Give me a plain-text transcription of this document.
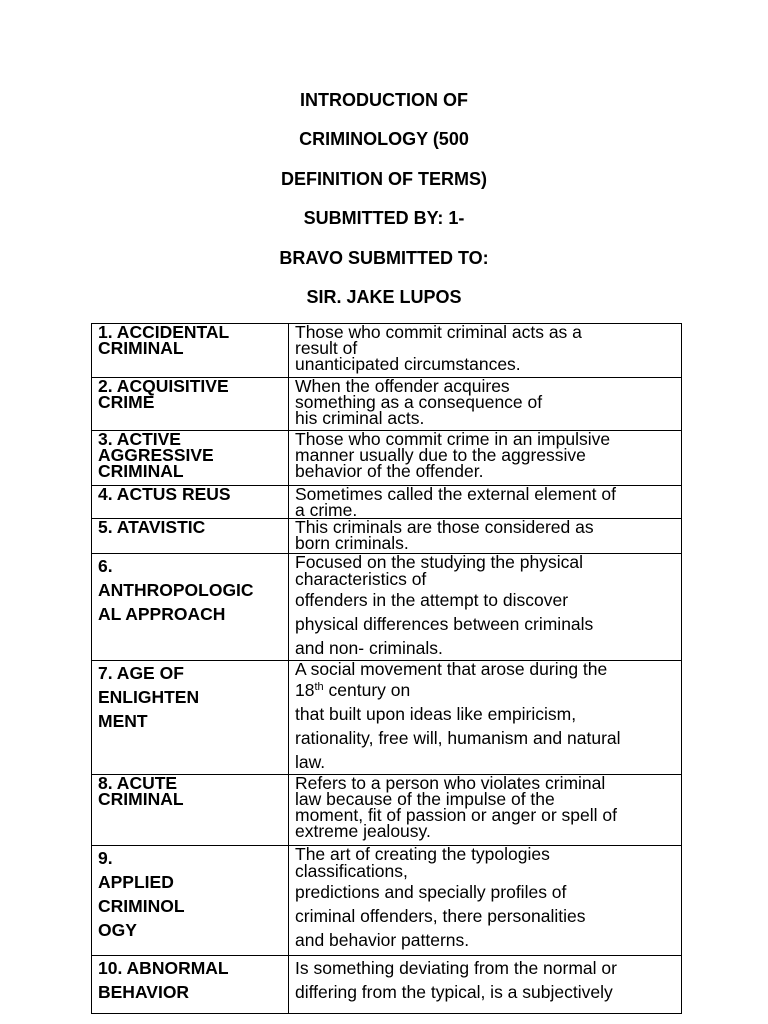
INTRODUCTION OF
CRIMINOLOGY (500
DEFINITION OF TERMS)
SUBMITTED BY: 1-
BRAVO SUBMITTED TO:
SIR. JAKE LUPOS
1. ACCIDENTAL
CRIMINAL	Those who commit criminal acts as a
result of
unanticipated circumstances.

2. ACQUISITIVE
CRIME	When the offender acquires
something as a consequence of
his criminal acts.

3. ACTIVE
AGGRESSIVE
CRIMINAL	Those who commit crime in an impulsive
manner usually due to the aggressive
behavior of the offender.

4. ACTUS REUS	Sometimes called the external element of
a crime.

5. ATAVISTIC	This criminals are those considered as
born criminals.

6.
ANTHROPOLOGIC
AL APPROACH	Focused on the studying the physical
characteristics of
offenders in the attempt to discover
physical differences between criminals
and non- criminals.

7. AGE OF
ENLIGHTEN
MENT	A social movement that arose during the
18th century on
that built upon ideas like empiricism,
rationality, free will, humanism and natural
law.

8. ACUTE
CRIMINAL	Refers to a person who violates criminal
law because of the impulse of the
moment, fit of passion or anger or spell of
extreme jealousy.

9.
APPLIED
CRIMINOL
OGY	The art of creating the typologies
classifications,
predictions and specially profiles of
criminal offenders, there personalities
and behavior patterns.

10. ABNORMAL
BEHAVIOR	Is something deviating from the normal or
differing from the typical, is a subjectively
